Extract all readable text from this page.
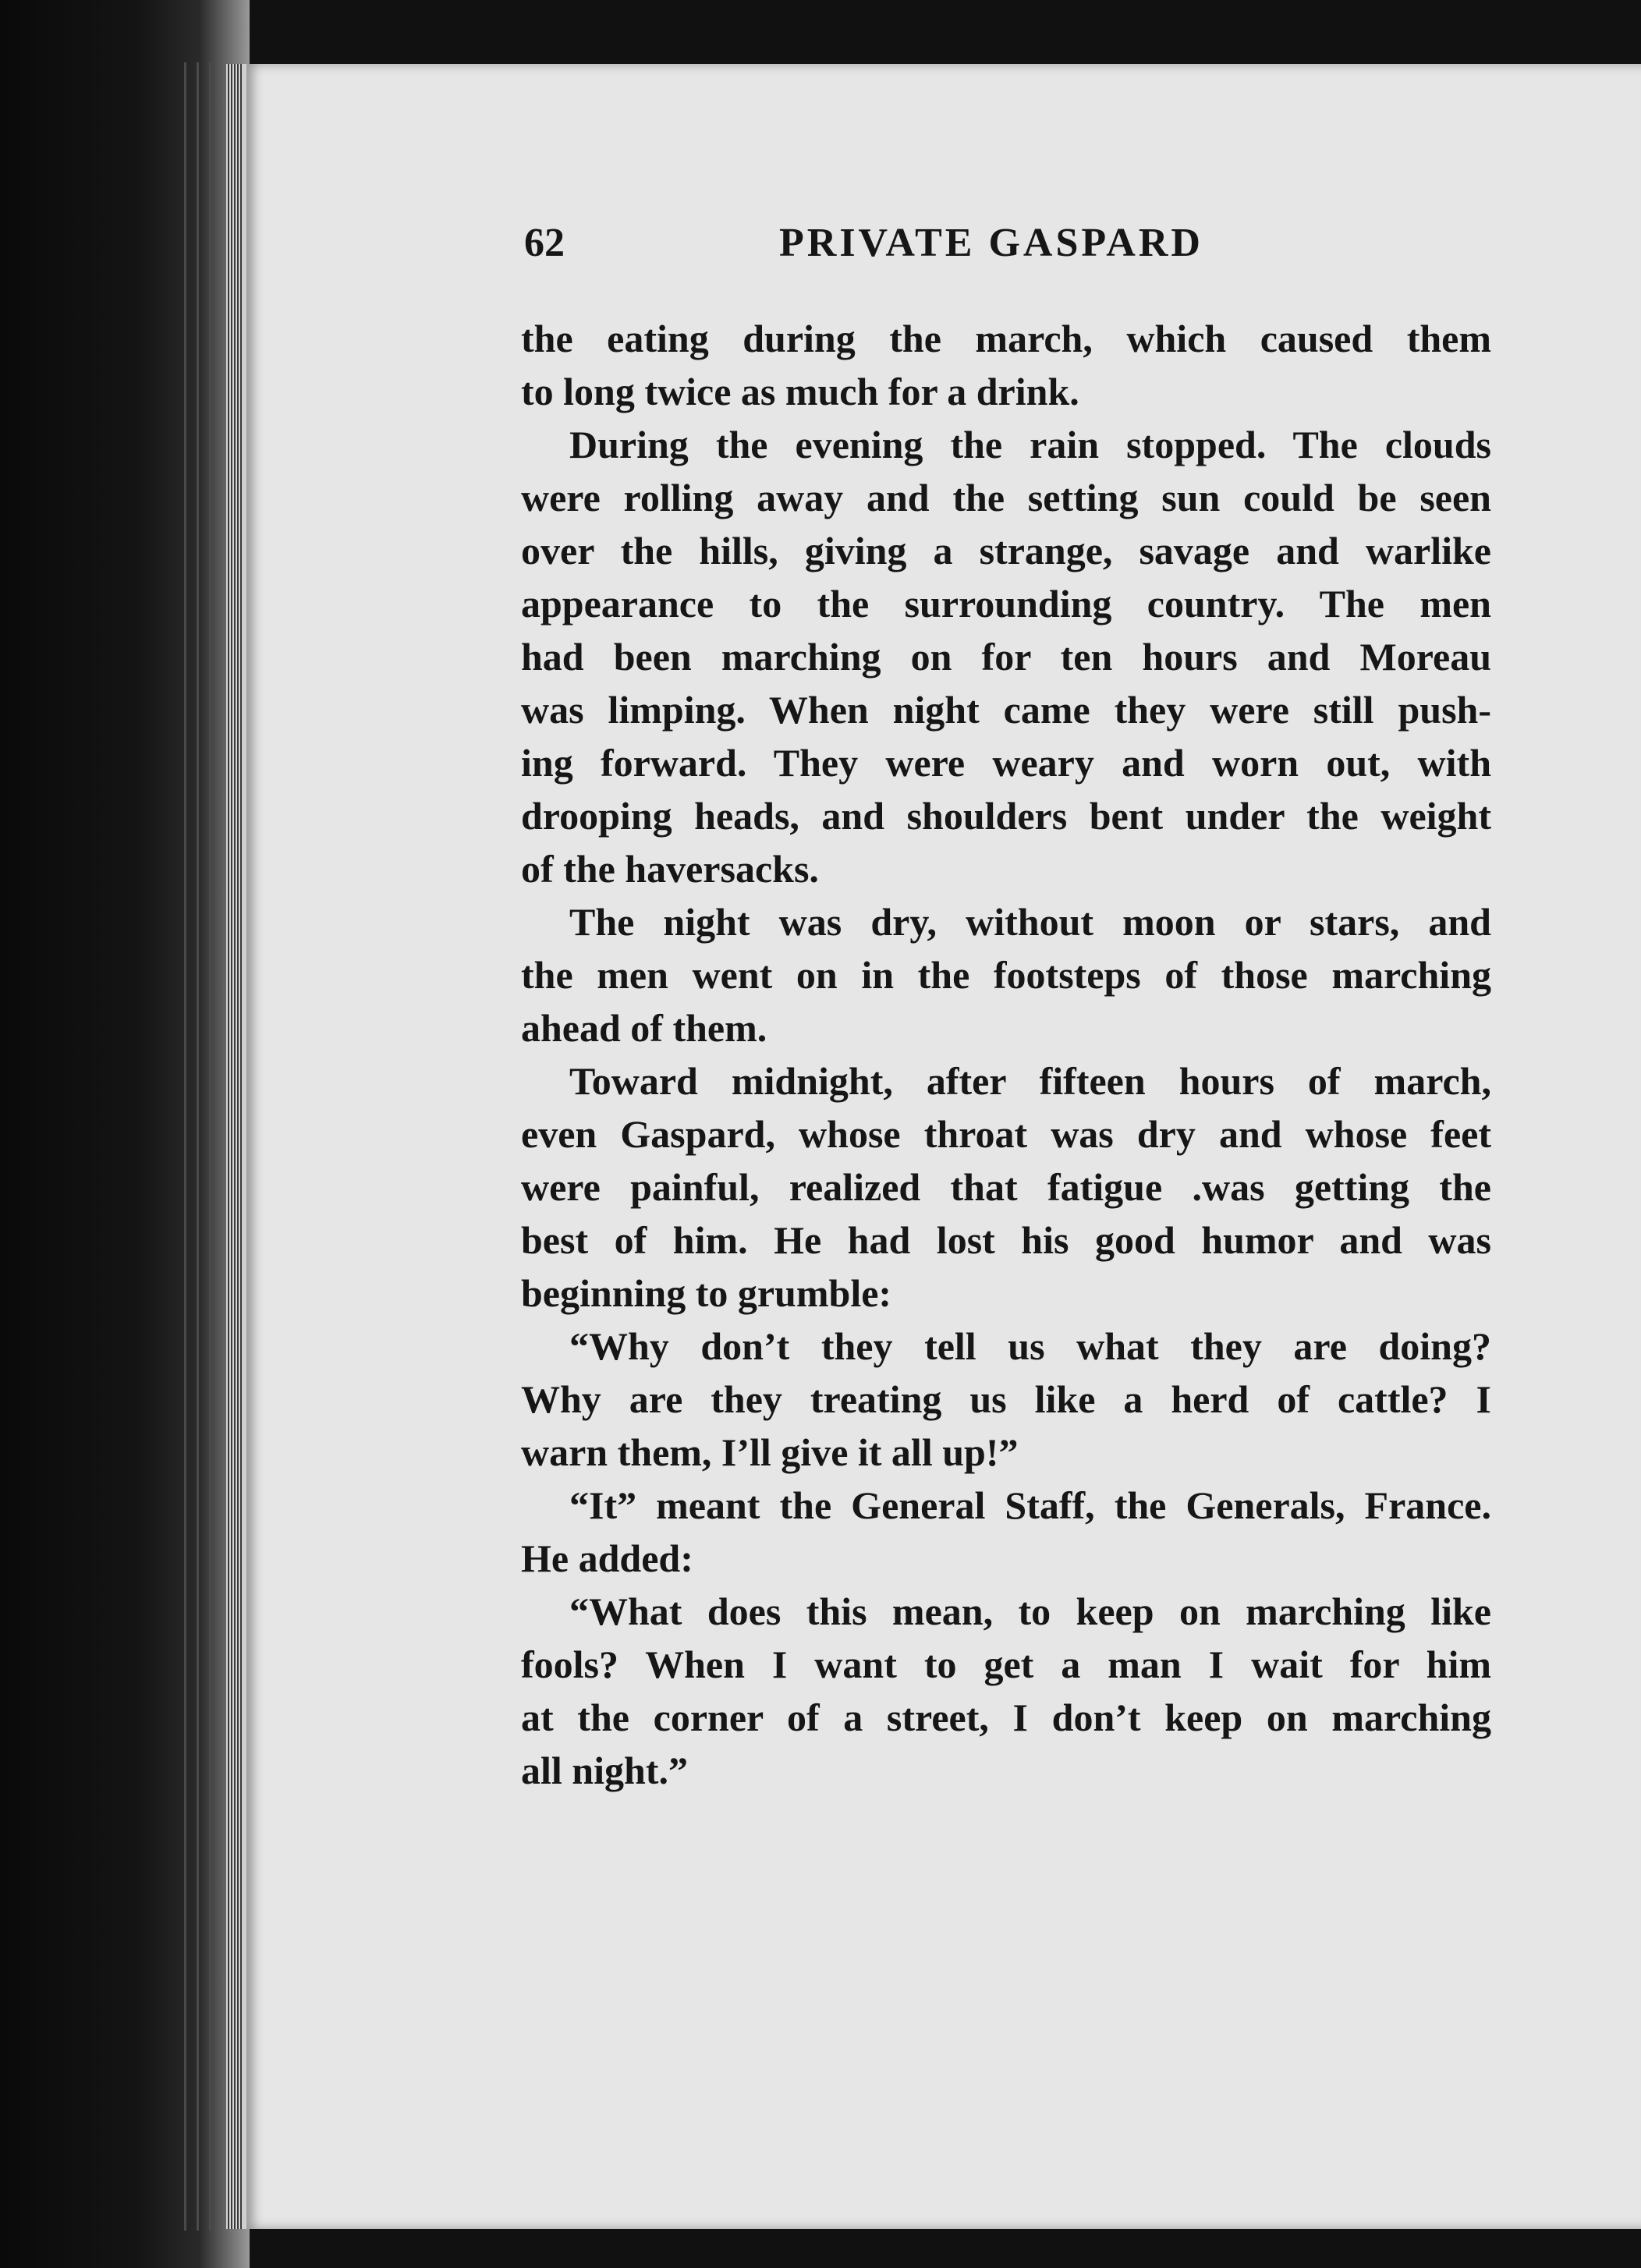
62	PRIVATE GASPARD
the eating during the march, which caused them
to long twice as much for a drink.
During the evening the rain stopped. The clouds
were rolling away and the setting sun could be seen
over the hills, giving a strange, savage and warlike
appearance to the surrounding country. The men
had been marching on for ten hours and Moreau
was limping. When night came they were still push-
ing forward. They were weary and worn out, with
drooping heads, and shoulders bent under the weight
of the haversacks.
The night was dry, without moon or stars, and
the men went on in the footsteps of those marching
ahead of them.
Toward midnight, after fifteen hours of march,
even Gaspard, whose throat was dry and whose feet
were painful, realized that fatigue .was getting the
best of him. He had lost his good humor and was
beginning to grumble:
“Why don’t they tell us what they are doing?
Why are they treating us like a herd of cattle? I
warn them, I’ll give it all up!”
“It” meant the General Staff, the Generals, France.
He added:
“What does this mean, to keep on marching like
fools? When I want to get a man I wait for him
at the corner of a street, I don’t keep on marching
all night.”
